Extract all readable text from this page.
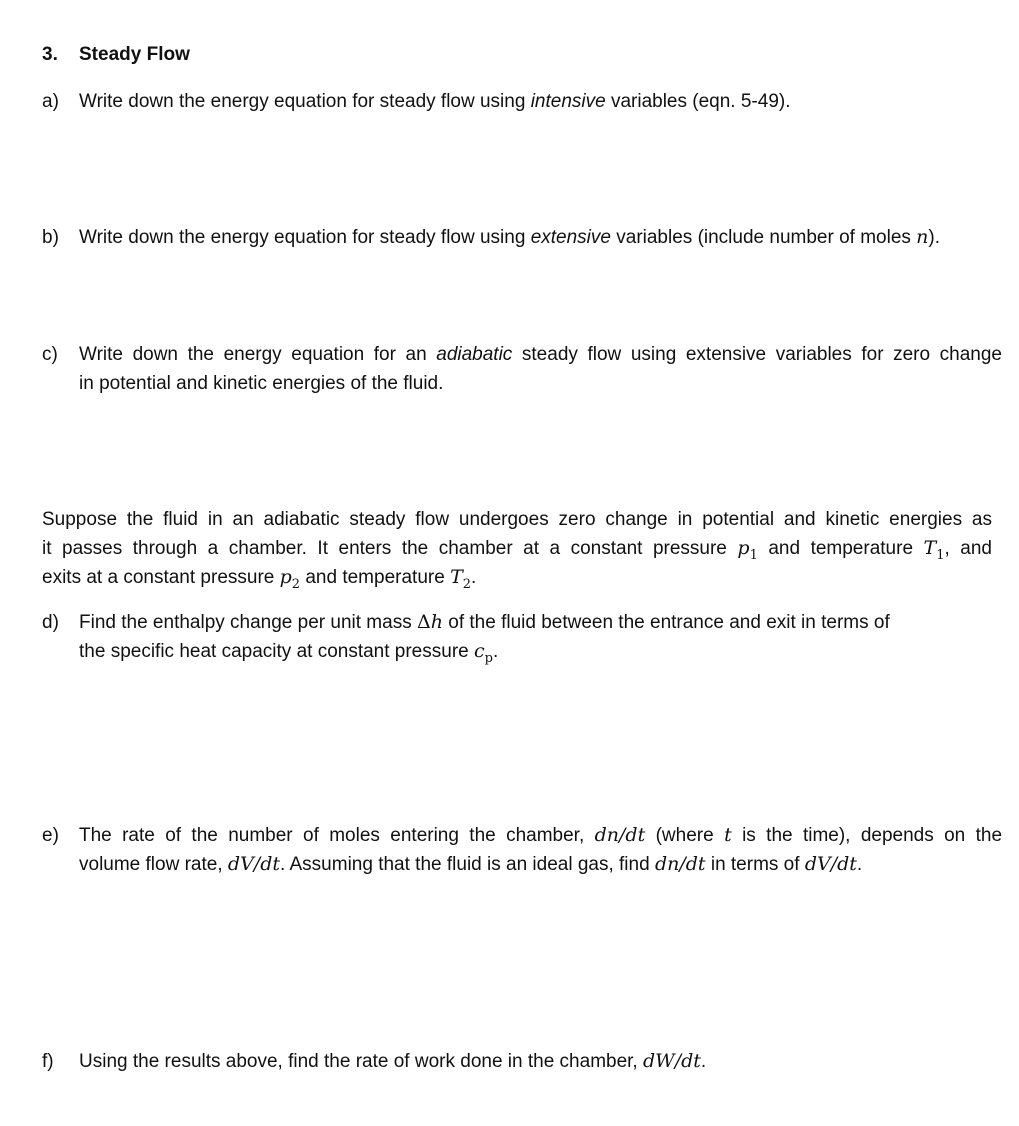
3. Steady Flow
a)	Write down the energy equation for steady flow using intensive variables (eqn. 5-49).
b)	Write down the energy equation for steady flow using extensive variables (include number of moles n).
c)	Write down the energy equation for an adiabatic steady flow using extensive variables for zero change
in potential and kinetic energies of the fluid.
Suppose the fluid in an adiabatic steady flow undergoes zero change in potential and kinetic energies as
it passes through a chamber. It enters the chamber at a constant pressure $p_1$ and temperature $T_1$, and
exits at a constant pressure $p_2$ and temperature $T_2$.
d)	Find the enthalpy change per unit mass Δh of the fluid between the entrance and exit in terms of
the specific heat capacity at constant pressure $c_p$.
e)	The rate of the number of moles entering the chamber, dn/dt (where t is the time), depends on the
volume flow rate, dV/dt. Assuming that the fluid is an ideal gas, find dn/dt in terms of dV/dt.
f)	Using the results above, find the rate of work done in the chamber, dW/dt.
